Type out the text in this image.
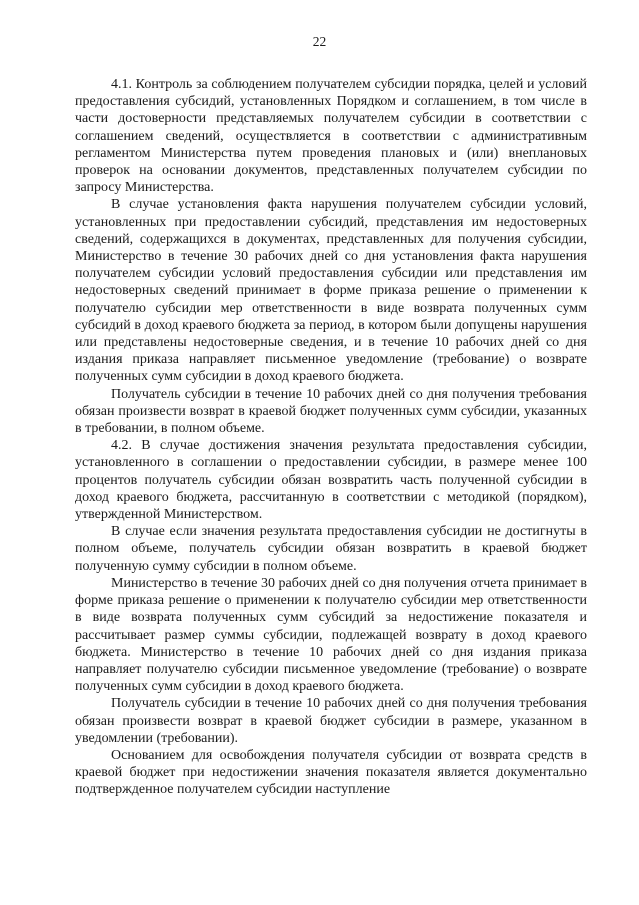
22

4.1. Контроль за соблюдением получателем субсидии порядка, целей и условий предоставления субсидий, установленных Порядком и соглашением, в том числе в части достоверности представляемых получателем субсидии в соответствии с соглашением сведений, осуществляется в соответствии с административным регламентом Министерства путем проведения плановых и (или) внеплановых проверок на основании документов, представленных получателем субсидии по запросу Министерства.

В случае установления факта нарушения получателем субсидии условий, установленных при предоставлении субсидий, представления им недостоверных сведений, содержащихся в документах, представленных для получения субсидии, Министерство в течение 30 рабочих дней со дня установления факта нарушения получателем субсидии условий предоставления субсидии или представления им недостоверных сведений принимает в форме приказа решение о применении к получателю субсидии мер ответственности в виде возврата полученных сумм субсидий в доход краевого бюджета за период, в котором были допущены нарушения или представлены недостоверные сведения, и в течение 10 рабочих дней со дня издания приказа направляет письменное уведомление (требование) о возврате полученных сумм субсидии в доход краевого бюджета.

Получатель субсидии в течение 10 рабочих дней со дня получения требования обязан произвести возврат в краевой бюджет полученных сумм субсидии, указанных в требовании, в полном объеме.

4.2. В случае достижения значения результата предоставления субсидии, установленного в соглашении о предоставлении субсидии, в размере менее 100 процентов получатель субсидии обязан возвратить часть полученной субсидии в доход краевого бюджета, рассчитанную в соответствии с методикой (порядком), утвержденной Министерством.

В случае если значения результата предоставления субсидии не достигнуты в полном объеме, получатель субсидии обязан возвратить в краевой бюджет полученную сумму субсидии в полном объеме.

Министерство в течение 30 рабочих дней со дня получения отчета принимает в форме приказа решение о применении к получателю субсидии мер ответственности в виде возврата полученных сумм субсидий за недостижение показателя и рассчитывает размер суммы субсидии, подлежащей возврату в доход краевого бюджета. Министерство в течение 10 рабочих дней со дня издания приказа направляет получателю субсидии письменное уведомление (требование) о возврате полученных сумм субсидии в доход краевого бюджета.

Получатель субсидии в течение 10 рабочих дней со дня получения требования обязан произвести возврат в краевой бюджет субсидии в размере, указанном в уведомлении (требовании).

Основанием для освобождения получателя субсидии от возврата средств в краевой бюджет при недостижении значения показателя является документально подтвержденное получателем субсидии наступление
